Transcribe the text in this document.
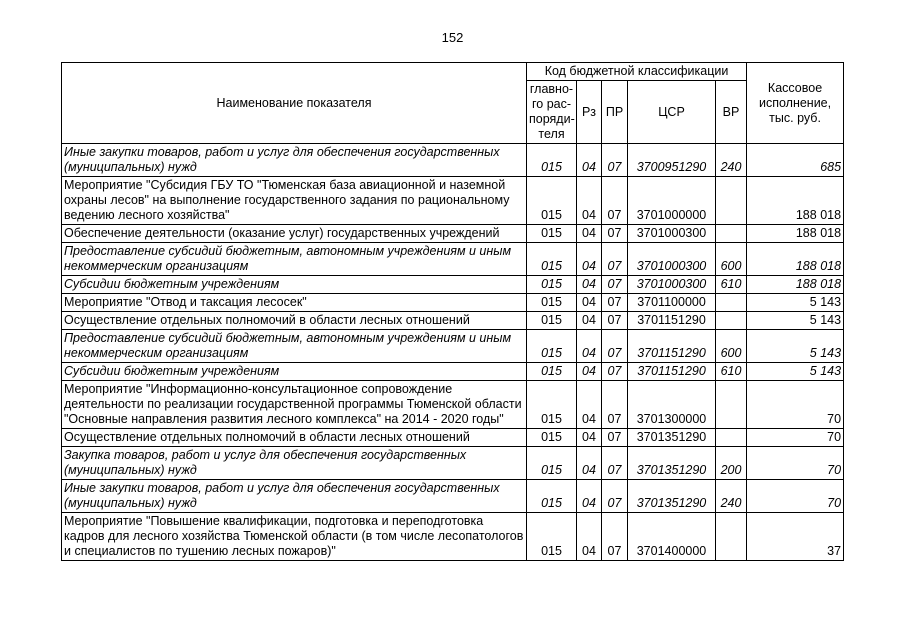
152
Наименование показателя	Код бюджетной классификации					Кассовое исполнение, тыс. руб.
	главно-го рас-поряди-теля	Рз	ПР	ЦСР	ВР	
Иные закупки товаров, работ и услуг для обеспечения государственных (муниципальных) нужд	015	04	07	3700951290	240	685
Мероприятие "Субсидия ГБУ ТО "Тюменская база авиационной и наземной охраны лесов" на выполнение государственного задания по рациональному ведению лесного хозяйства"	015	04	07	3701000000		188 018
Обеспечение деятельности (оказание услуг) государственных учреждений	015	04	07	3701000300		188 018
Предоставление субсидий бюджетным, автономным учреждениям и иным некоммерческим организациям	015	04	07	3701000300	600	188 018
Субсидии бюджетным учреждениям	015	04	07	3701000300	610	188 018
Мероприятие "Отвод и таксация лесосек"	015	04	07	3701100000		5 143
Осуществление отдельных полномочий в области лесных отношений	015	04	07	3701151290		5 143
Предоставление субсидий бюджетным, автономным учреждениям и иным некоммерческим организациям	015	04	07	3701151290	600	5 143
Субсидии бюджетным учреждениям	015	04	07	3701151290	610	5 143
Мероприятие "Информационно-консультационное сопровождение деятельности по реализации государственной программы Тюменской области "Основные направления развития лесного комплекса" на 2014 - 2020 годы"	015	04	07	3701300000		70
Осуществление отдельных полномочий в области лесных отношений	015	04	07	3701351290		70
Закупка товаров, работ и услуг для обеспечения государственных (муниципальных) нужд	015	04	07	3701351290	200	70
Иные закупки товаров, работ и услуг для обеспечения государственных (муниципальных) нужд	015	04	07	3701351290	240	70
Мероприятие "Повышение квалификации, подготовка и переподготовка кадров для лесного хозяйства Тюменской области (в том числе лесопатологов и специалистов по тушению лесных пожаров)"	015	04	07	3701400000		37
